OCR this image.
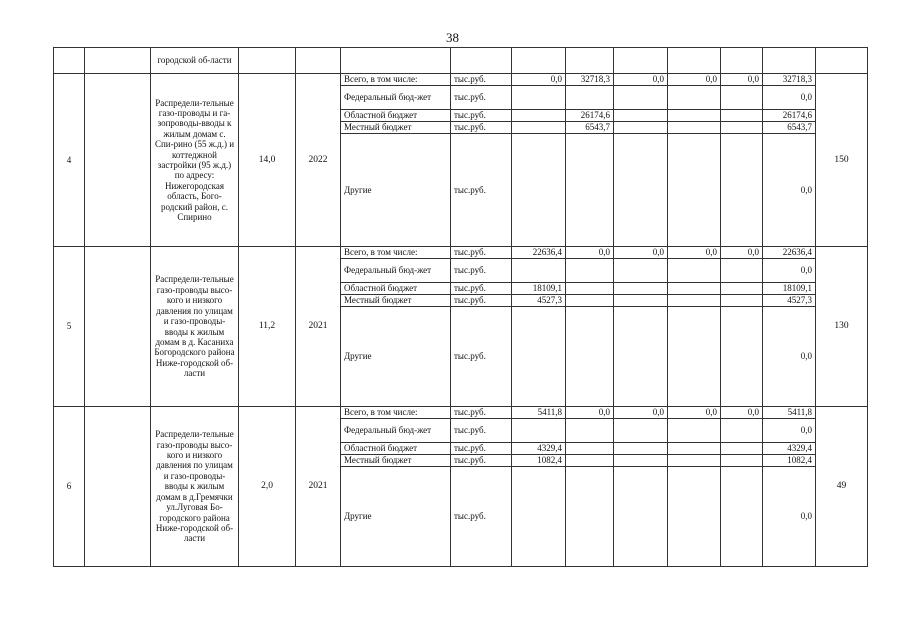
38
		городской об-ласти											
4		Распредели-тельные газо-проводы и га-зопроводы-вводы к жилым домам с. Спи-рино (55 ж.д.) и коттеджной застройки (95 ж.д.) по адресу: Нижегородская область, Бого-родский район, с. Спирино	14,0	2022	Всего, в том числе:	тыс.руб.	0,0	32718,3	0,0	0,0	0,0	32718,3	150
					Федеральный бюд-жет	тыс.руб.						0,0	
					Областной бюджет	тыс.руб.		26174,6				26174,6	
					Местный бюджет	тыс.руб.		6543,7				6543,7	
					Другие	тыс.руб.						0,0	
5		Распредели-тельные газо-проводы высо-кого и низкого давления по улицам и газо-проводы-вводы к жилым домам в д. Касаниха Богородского района Ниже-городской об-ласти	11,2	2021	Всего, в том числе:	тыс.руб.	22636,4	0,0	0,0	0,0	0,0	22636,4	130
					Федеральный бюд-жет	тыс.руб.						0,0	
					Областной бюджет	тыс.руб.	18109,1					18109,1	
					Местный бюджет	тыс.руб.	4527,3					4527,3	
					Другие	тыс.руб.						0,0	
6		Распредели-тельные газо-проводы высо-кого и низкого давления по улицам и газо-проводы-вводы к жилым домам в д.Гремячки ул.Луговая Бо-городского района Ниже-городской об-ласти	2,0	2021	Всего, в том числе:	тыс.руб.	5411,8	0,0	0,0	0,0	0,0	5411,8	49
					Федеральный бюд-жет	тыс.руб.						0,0	
					Областной бюджет	тыс.руб.	4329,4					4329,4	
					Местный бюджет	тыс.руб.	1082,4					1082,4	
					Другие	тыс.руб.						0,0	
